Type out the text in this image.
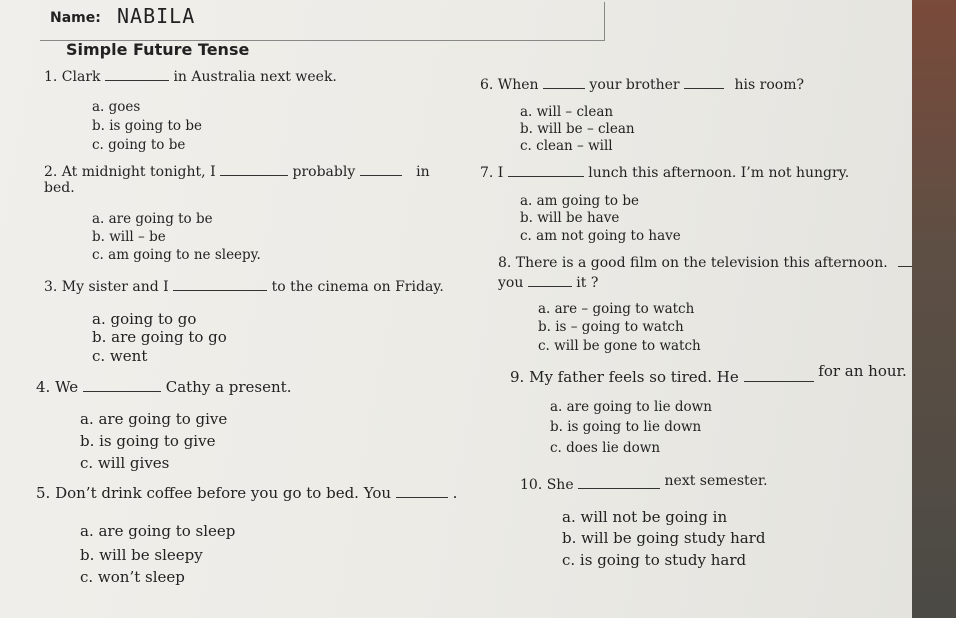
Name: NABILA
Simple Future Tense
1. Clark	in Australia next week.
a. goes
b. is going to be
c. going to be
2. At midnight tonight, I	probably	in
bed.
a. are going to be
b. will – be
c. am going to ne sleepy.
3. My sister and I	to the cinema on Friday.
a. going to go
b. are going to go
c. went
4. We	Cathy a present.
a. are going to give
b. is going to give
c. will gives
5. Don’t drink coffee before you go to bed. You	.
a. are going to sleep
b. will be sleepy
c. won’t sleep
6. When	your brother	his room?
a. will – clean
b. will be – clean
c. clean – will
7. I	lunch this afternoon. I’m not hungry.
a. am going to be
b. will be have
c. am not going to have
8. There is a good film on the television this afternoon.
you	it ?
a. are – going to watch
b. is – going to watch
c. will be gone to watch
9. My father feels so tired. He	for an hour.
a. are going to lie down
b. is going to lie down
c. does lie down
10. She	next semester.
a. will not be going in
b. will be going study hard
c. is going to study hard
